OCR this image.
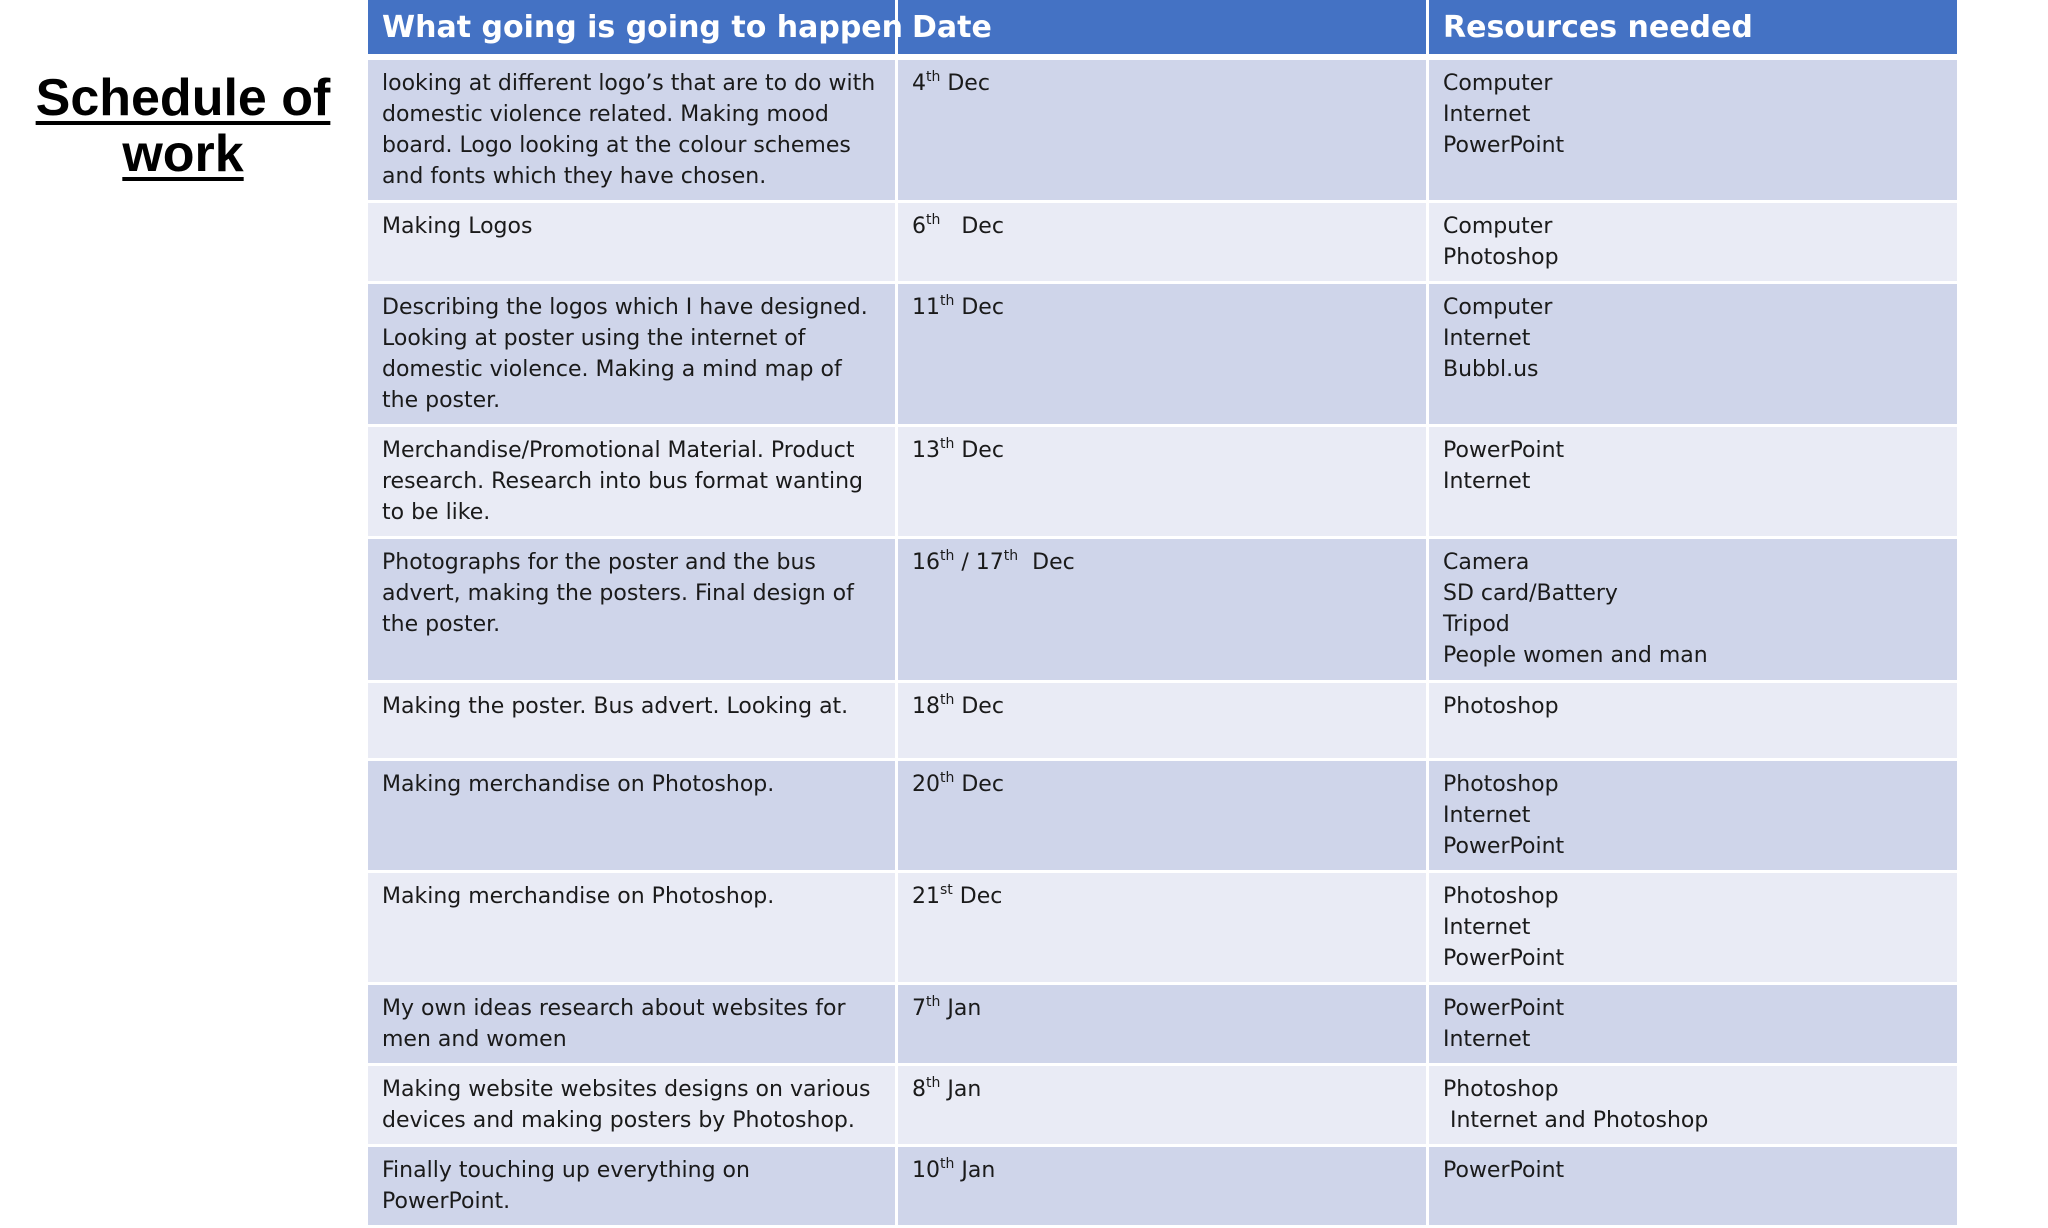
Schedule of work
What going is going to happen	Date	Resources needed
looking at different logo’s that are to do with domestic violence related. Making mood board. Logo looking at the colour schemes and fonts which they have chosen.	4th Dec	Computer
Internet
PowerPoint

Making Logos	6th   Dec	Computer
Photoshop

Describing the logos which I have designed. Looking at poster using the internet of domestic violence. Making a mind map of the poster.	11th Dec	Computer
Internet
Bubbl.us

Merchandise/Promotional Material. Product research. Research into bus format wanting to be like.	13th Dec	PowerPoint
Internet

Photographs for the poster and the bus advert, making the posters. Final design of the poster.	16th / 17th  Dec	Camera
SD card/Battery
Tripod
People women and man

Making the poster. Bus advert. Looking at.	18th Dec	Photoshop

Making merchandise on Photoshop.	20th Dec	Photoshop
Internet
PowerPoint

Making merchandise on Photoshop.	21st Dec	Photoshop
Internet
PowerPoint

My own ideas research about websites for men and women	7th Jan	PowerPoint
Internet

Making website websites designs on various devices and making posters by Photoshop.	8th Jan	Photoshop
Internet and Photoshop

Finally touching up everything on PowerPoint.	10th Jan	PowerPoint
